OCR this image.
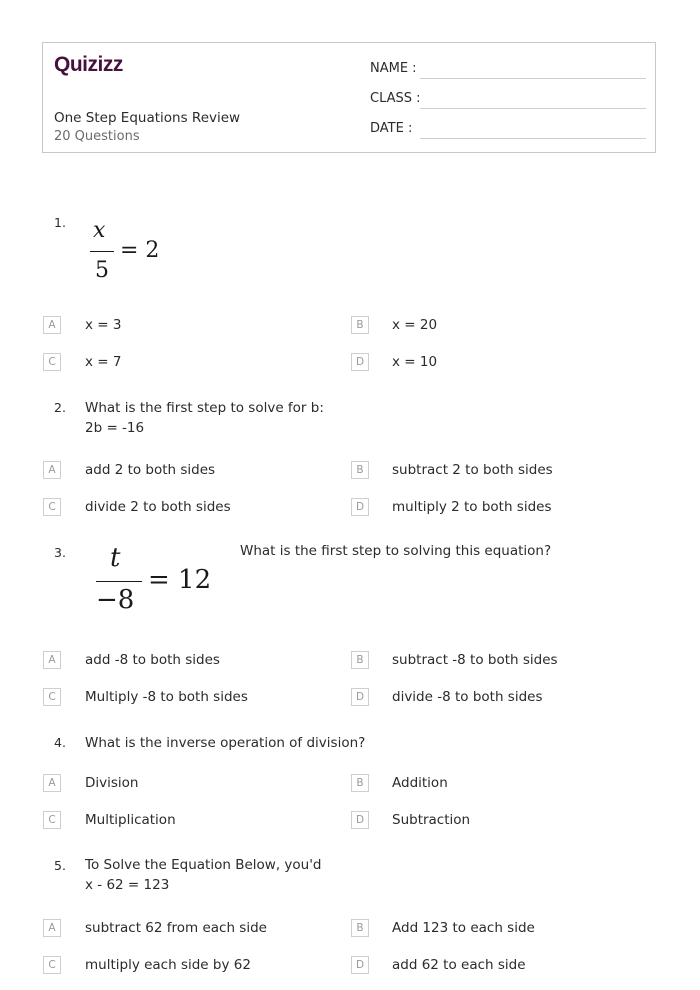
Quizizz
One Step Equations Review
20 Questions
NAME :
CLASS :
DATE :
1. x
5
= 2
A	x = 3	B	x = 20
C	x = 7	D	x = 10
2. What is the first step to solve for b:
2b = -16
A	add 2 to both sides	B	subtract 2 to both sides
C	divide 2 to both sides	D	multiply 2 to both sides
3. t
−8
= 12
What is the first step to solving this equation?
A	add -8 to both sides	B	subtract -8 to both sides
C	Multiply -8 to both sides	D	divide -8 to both sides
4. What is the inverse operation of division?
A	Division	B	Addition
C	Multiplication	D	Subtraction
5. To Solve the Equation Below, you'd
x - 62 = 123
A	subtract 62 from each side	B	Add 123 to each side
C	multiply each side by 62	D	add 62 to each side
